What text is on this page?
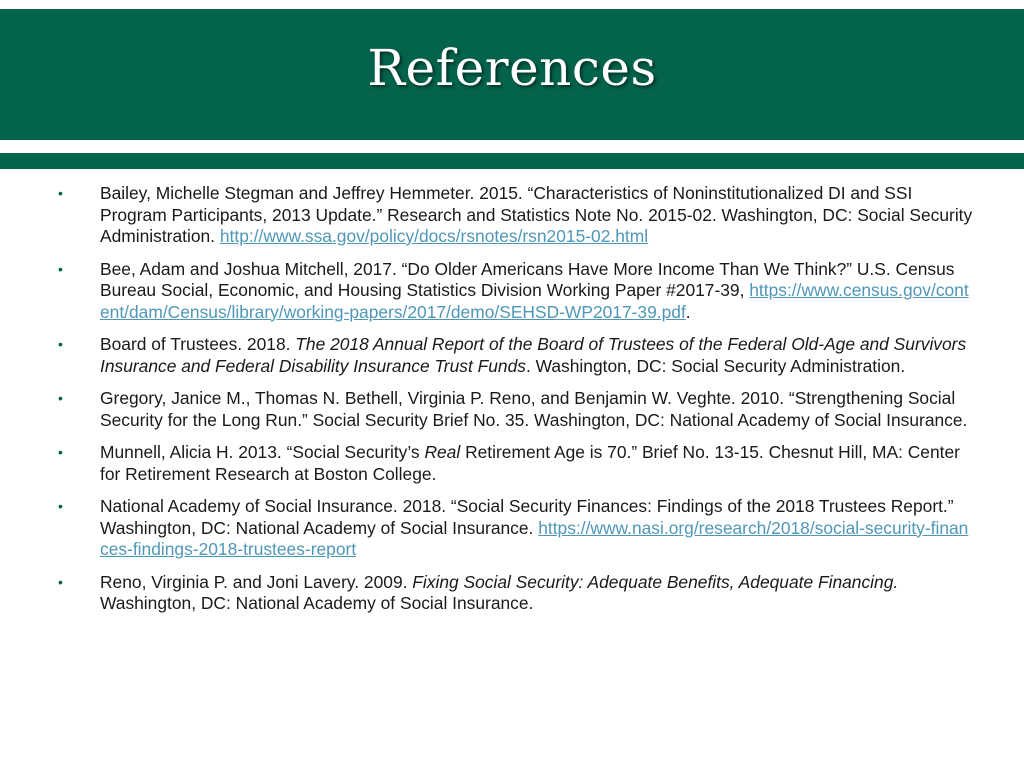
References
• Bailey, Michelle Stegman and Jeffrey Hemmeter. 2015. “Characteristics of Noninstitutionalized DI and SSI Program Participants, 2013 Update.” Research and Statistics Note No. 2015-02. Washington, DC: Social Security Administration. http://www.ssa.gov/policy/docs/rsnotes/rsn2015-02.html
• Bee, Adam and Joshua Mitchell, 2017. “Do Older Americans Have More Income Than We Think?” U.S. Census Bureau Social, Economic, and Housing Statistics Division Working Paper #2017-39, https://www.census.gov/content/dam/Census/library/working-papers/2017/demo/SEHSD-WP2017-39.pdf.
• Board of Trustees. 2018. The 2018 Annual Report of the Board of Trustees of the Federal Old-Age and Survivors Insurance and Federal Disability Insurance Trust Funds. Washington, DC: Social Security Administration.
• Gregory, Janice M., Thomas N. Bethell, Virginia P. Reno, and Benjamin W. Veghte. 2010. “Strengthening Social Security for the Long Run.” Social Security Brief No. 35. Washington, DC: National Academy of Social Insurance.
• Munnell, Alicia H. 2013. “Social Security’s Real Retirement Age is 70.” Brief No. 13-15. Chesnut Hill, MA: Center for Retirement Research at Boston College.
• National Academy of Social Insurance. 2018. “Social Security Finances: Findings of the 2018 Trustees Report.” Washington, DC: National Academy of Social Insurance. https://www.nasi.org/research/2018/social-security-finances-findings-2018-trustees-report
• Reno, Virginia P. and Joni Lavery. 2009. Fixing Social Security: Adequate Benefits, Adequate Financing. Washington, DC: National Academy of Social Insurance.
